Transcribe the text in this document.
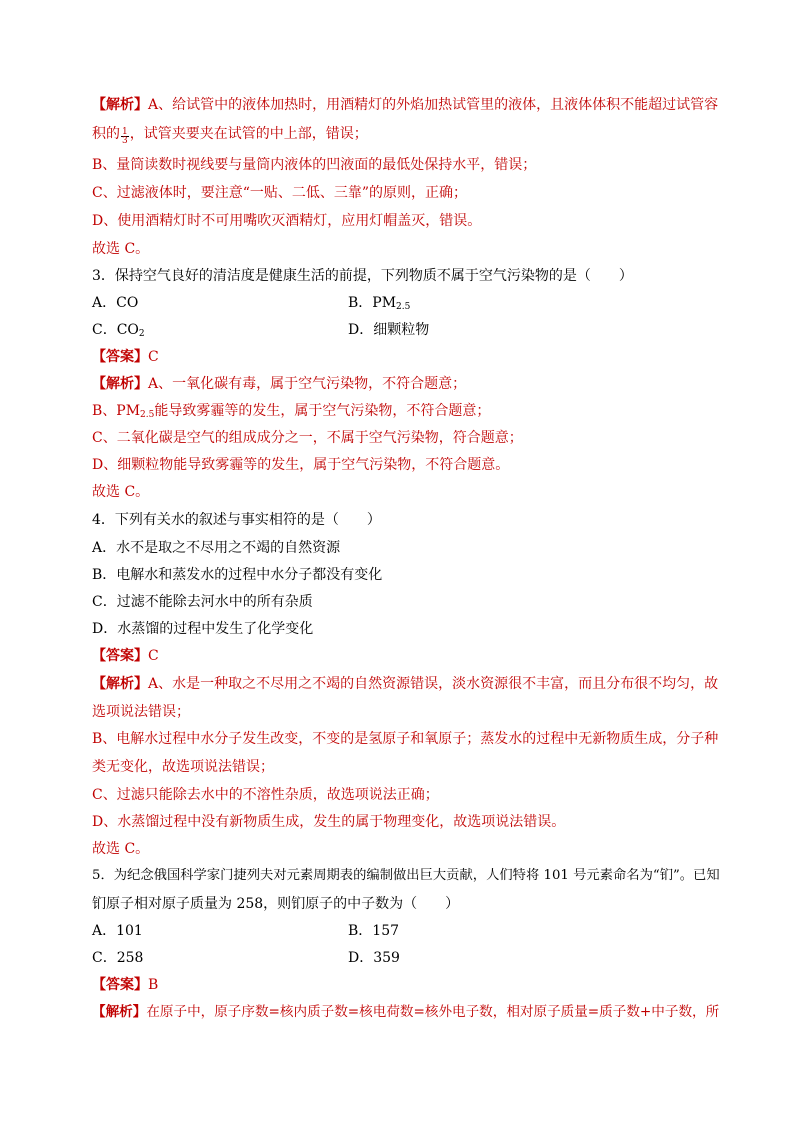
【解析】A、给试管中的液体加热时，用酒精灯的外焰加热试管里的液体，且液体体积不能超过试管容
积的 $\frac{1}{3}$ ，试管夹要夹在试管的中上部，错误；
B、量筒读数时视线要与量筒内液体的凹液面的最低处保持水平，错误；
C、过滤液体时，要注意“一贴、二低、三靠”的原则，正确；
D、使用酒精灯时不可用嘴吹灭酒精灯，应用灯帽盖灭，错误。
故选 C。
3．保持空气良好的清洁度是健康生活的前提，下列物质不属于空气污染物的是（　　）
A．CO	B．$PM_{2.5}$
C．$CO_2$	D．细颗粒物
【答案】C
【解析】A、一氧化碳有毒，属于空气污染物，不符合题意；
B、$PM_{2.5}$能导致雾霾等的发生，属于空气污染物，不符合题意；
C、二氧化碳是空气的组成成分之一，不属于空气污染物，符合题意；
D、细颗粒物能导致雾霾等的发生，属于空气污染物，不符合题意。
故选 C。
4．下列有关水的叙述与事实相符的是（　　）
A．水不是取之不尽用之不竭的自然资源
B．电解水和蒸发水的过程中水分子都没有变化
C．过滤不能除去河水中的所有杂质
D．水蒸馏的过程中发生了化学变化
【答案】C
【解析】A、水是一种取之不尽用之不竭的自然资源错误，淡水资源很不丰富，而且分布很不均匀，故
选项说法错误；
B、电解水过程中水分子发生改变，不变的是氢原子和氧原子；蒸发水的过程中无新物质生成，分子种
类无变化，故选项说法错误；
C、过滤只能除去水中的不溶性杂质，故选项说法正确；
D、水蒸馏过程中没有新物质生成，发生的属于物理变化，故选项说法错误。
故选 C。
5．为纪念俄国科学家门捷列夫对元素周期表的编制做出巨大贡献，人们特将 101 号元素命名为“钔”。已知
钔原子相对原子质量为 258，则钔原子的中子数为（　　）
A．101	B．157
C．258	D．359
【答案】B
【解析】在原子中，原子序数=核内质子数=核电荷数=核外电子数，相对原子质量=质子数+中子数，所
